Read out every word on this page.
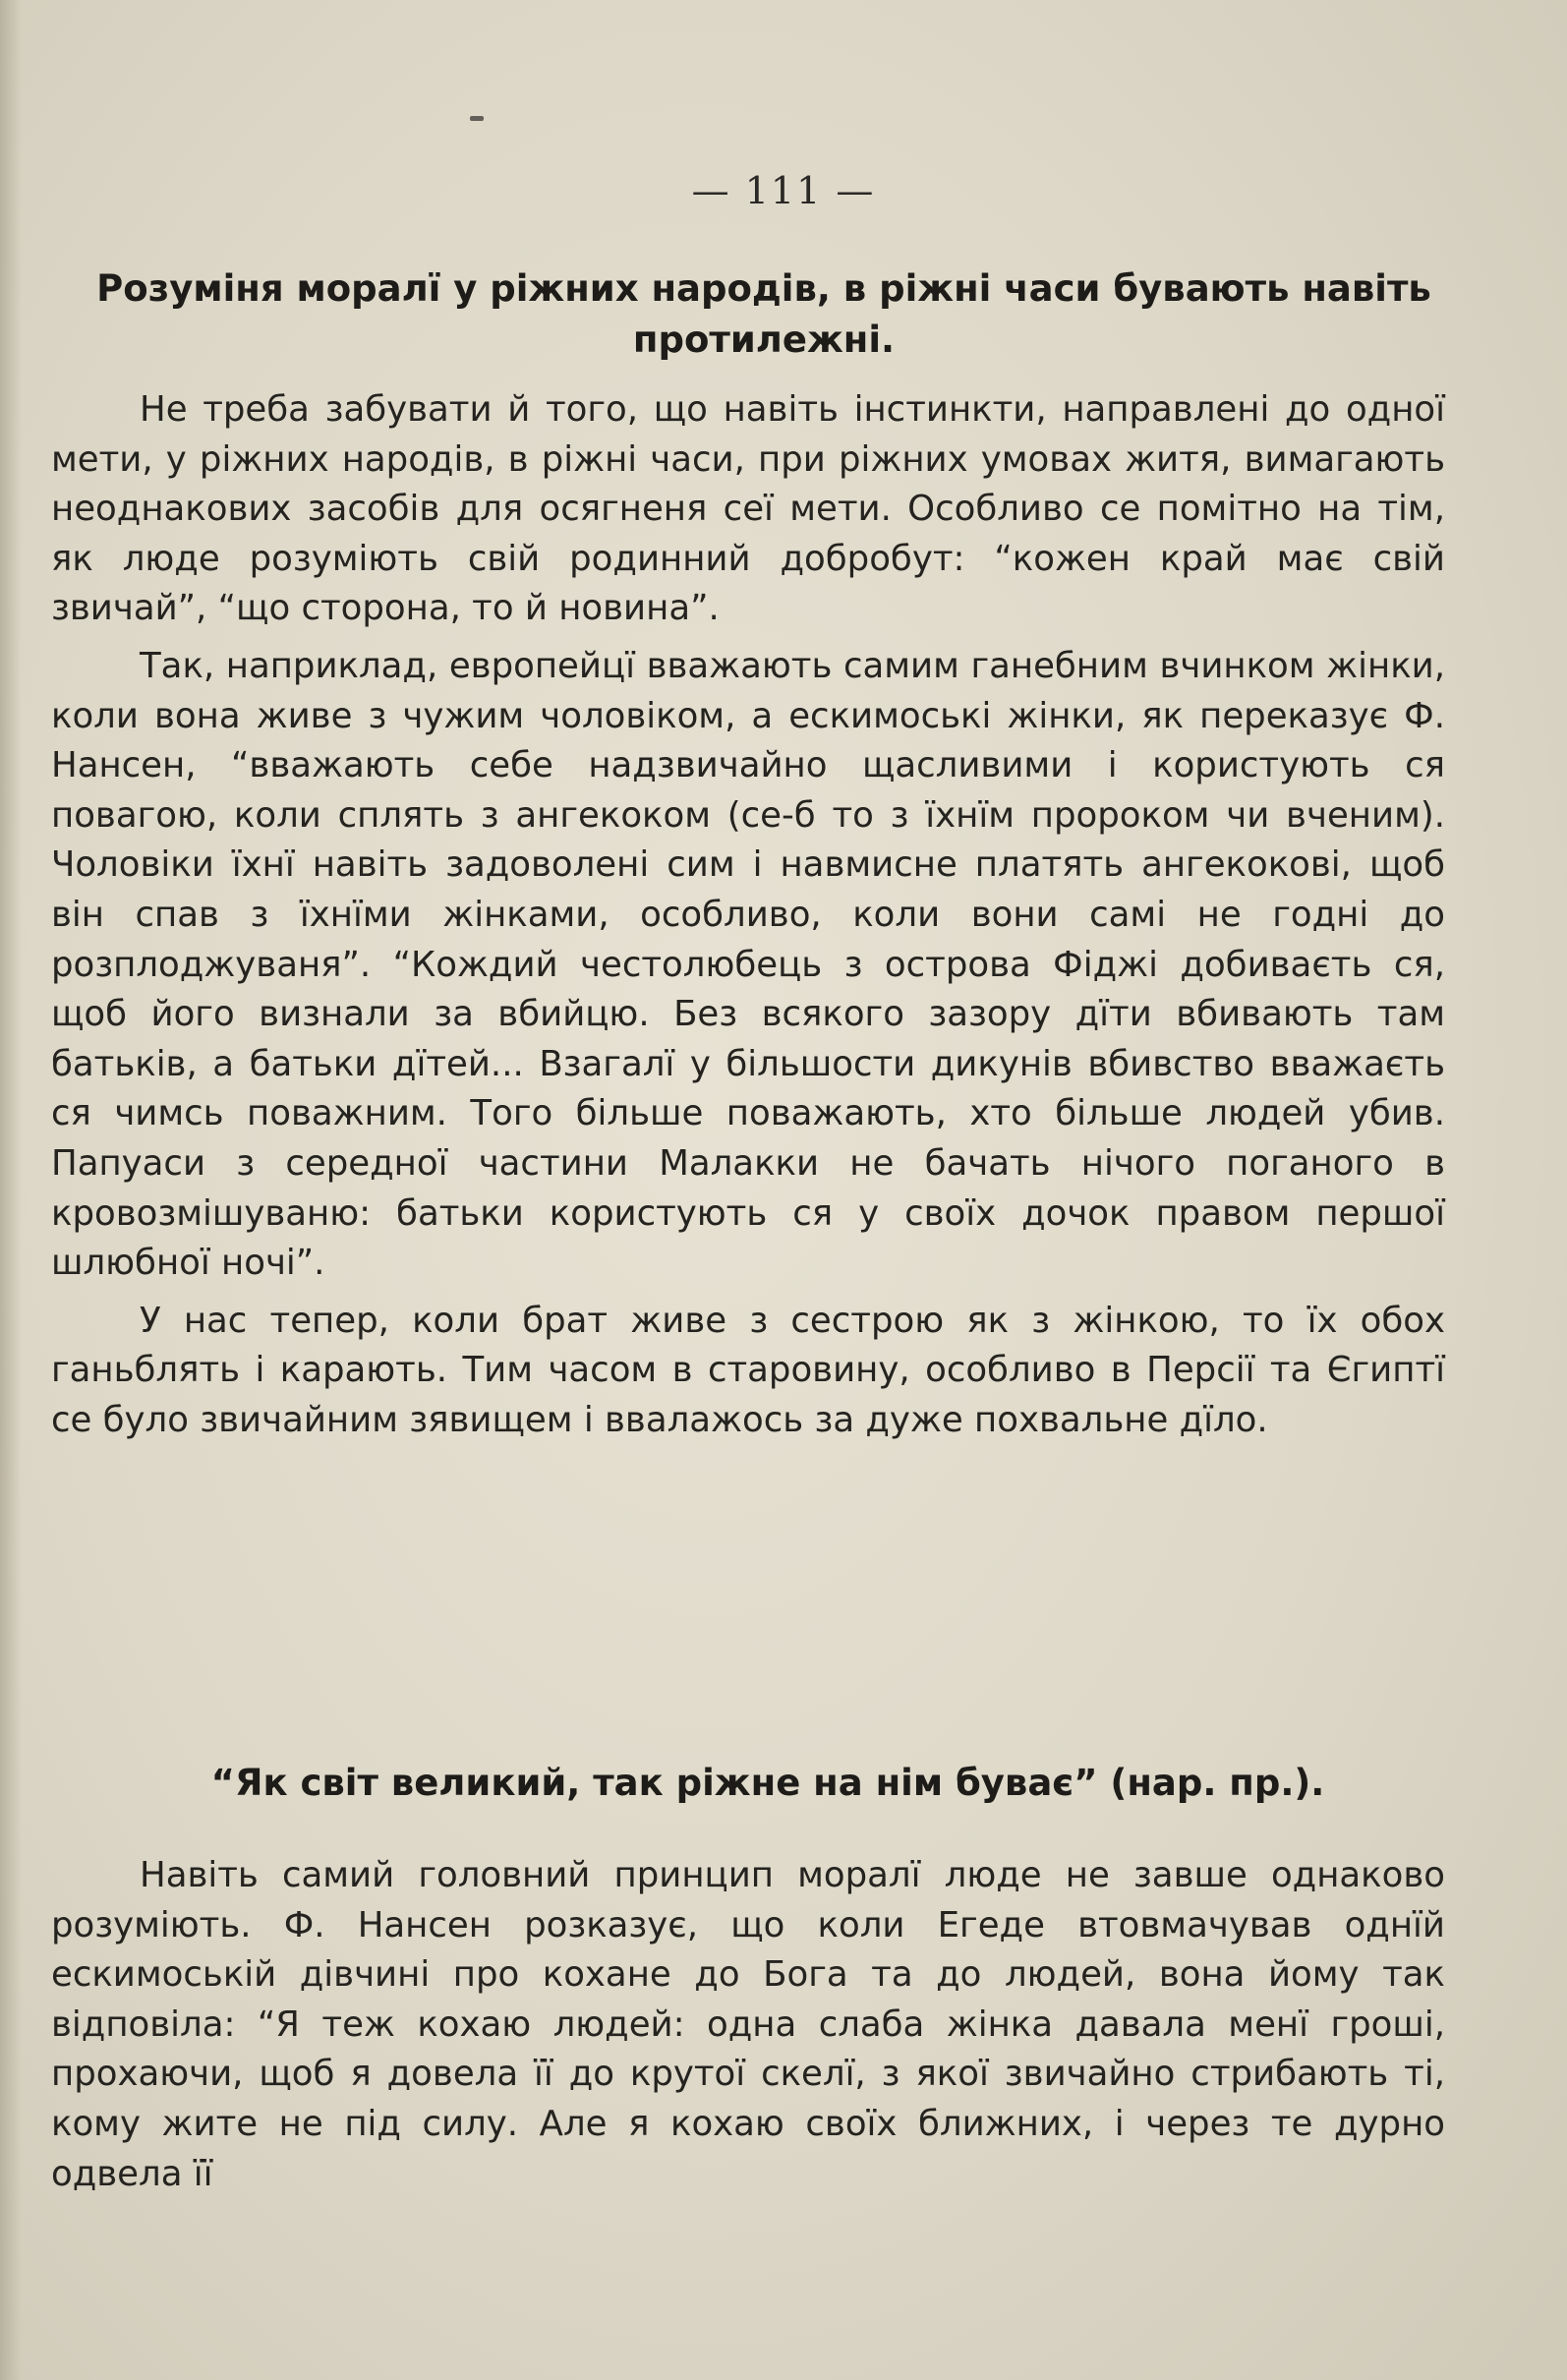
— 111 —
Розуміня моралї у ріжних народів, в ріжні часи бувають навіть протилежні.

Не треба забувати й того, що навіть інстинкти, направлені до одної мети, у ріжних народів, в ріжні часи, при ріжних умовах житя, вимагають неоднакових засобів для осягненя сеї мети. Особливо се помітно на тім, як люде розуміють свій родинний добробут: “кожен край має свій звичай”, “що сторона, то й новина”.

Так, наприклад, европейцї вважають самим ганебним вчинком жінки, коли вона живе з чужим чоловіком, а ескимоські жінки, як переказує Ф. Нансен, “вважають себе надзвичайно щасливими і користують ся повагою, коли сплять з ангекоком (се-б то з їхнїм пророком чи вченим). Чоловіки їхнї навіть задоволені сим і навмисне платять ангекокові, щоб він спав з їхнїми жінками, особливо, коли вони самі не годні до розплоджуваня”. “Кождий честолюбець з острова Фіджі добиваєть ся, щоб його визнали за вбийцю. Без всякого зазору дїти вбивають там батьків, а батьки дїтей... Взагалї у більшости дикунів вбивство вважаєть ся чимсь поважним. Того більше поважають, хто більше людей убив. Папуаси з середної частини Малакки не бачать нічого поганого в кровозмішуваню: батьки користують ся у своїх дочок правом першої шлюбної ночі”.

У нас тепер, коли брат живе з сестрою як з жінкою, то їх обох ганьблять і карають. Тим часом в старовину, особливо в Персії та Єгиптї се було звичайним зявищем і ввалажось за дуже похвальне дїло.

“Як світ великий, так ріжне на нім буває” (нар. пр.).

Навіть самий головний принцип моралї люде не завше однаково розуміють. Ф. Нансен розказує, що коли Егеде втовмачував однїй ескимоській дівчині про кохане до Бога та до людей, вона йому так відповіла: “Я теж кохаю людей: одна слаба жінка давала менї гроші, прохаючи, щоб я довела її до крутої скелї, з якої звичайно стрибають ті, кому жите не під силу. Але я кохаю своїх ближних, і через те дурно одвела її
